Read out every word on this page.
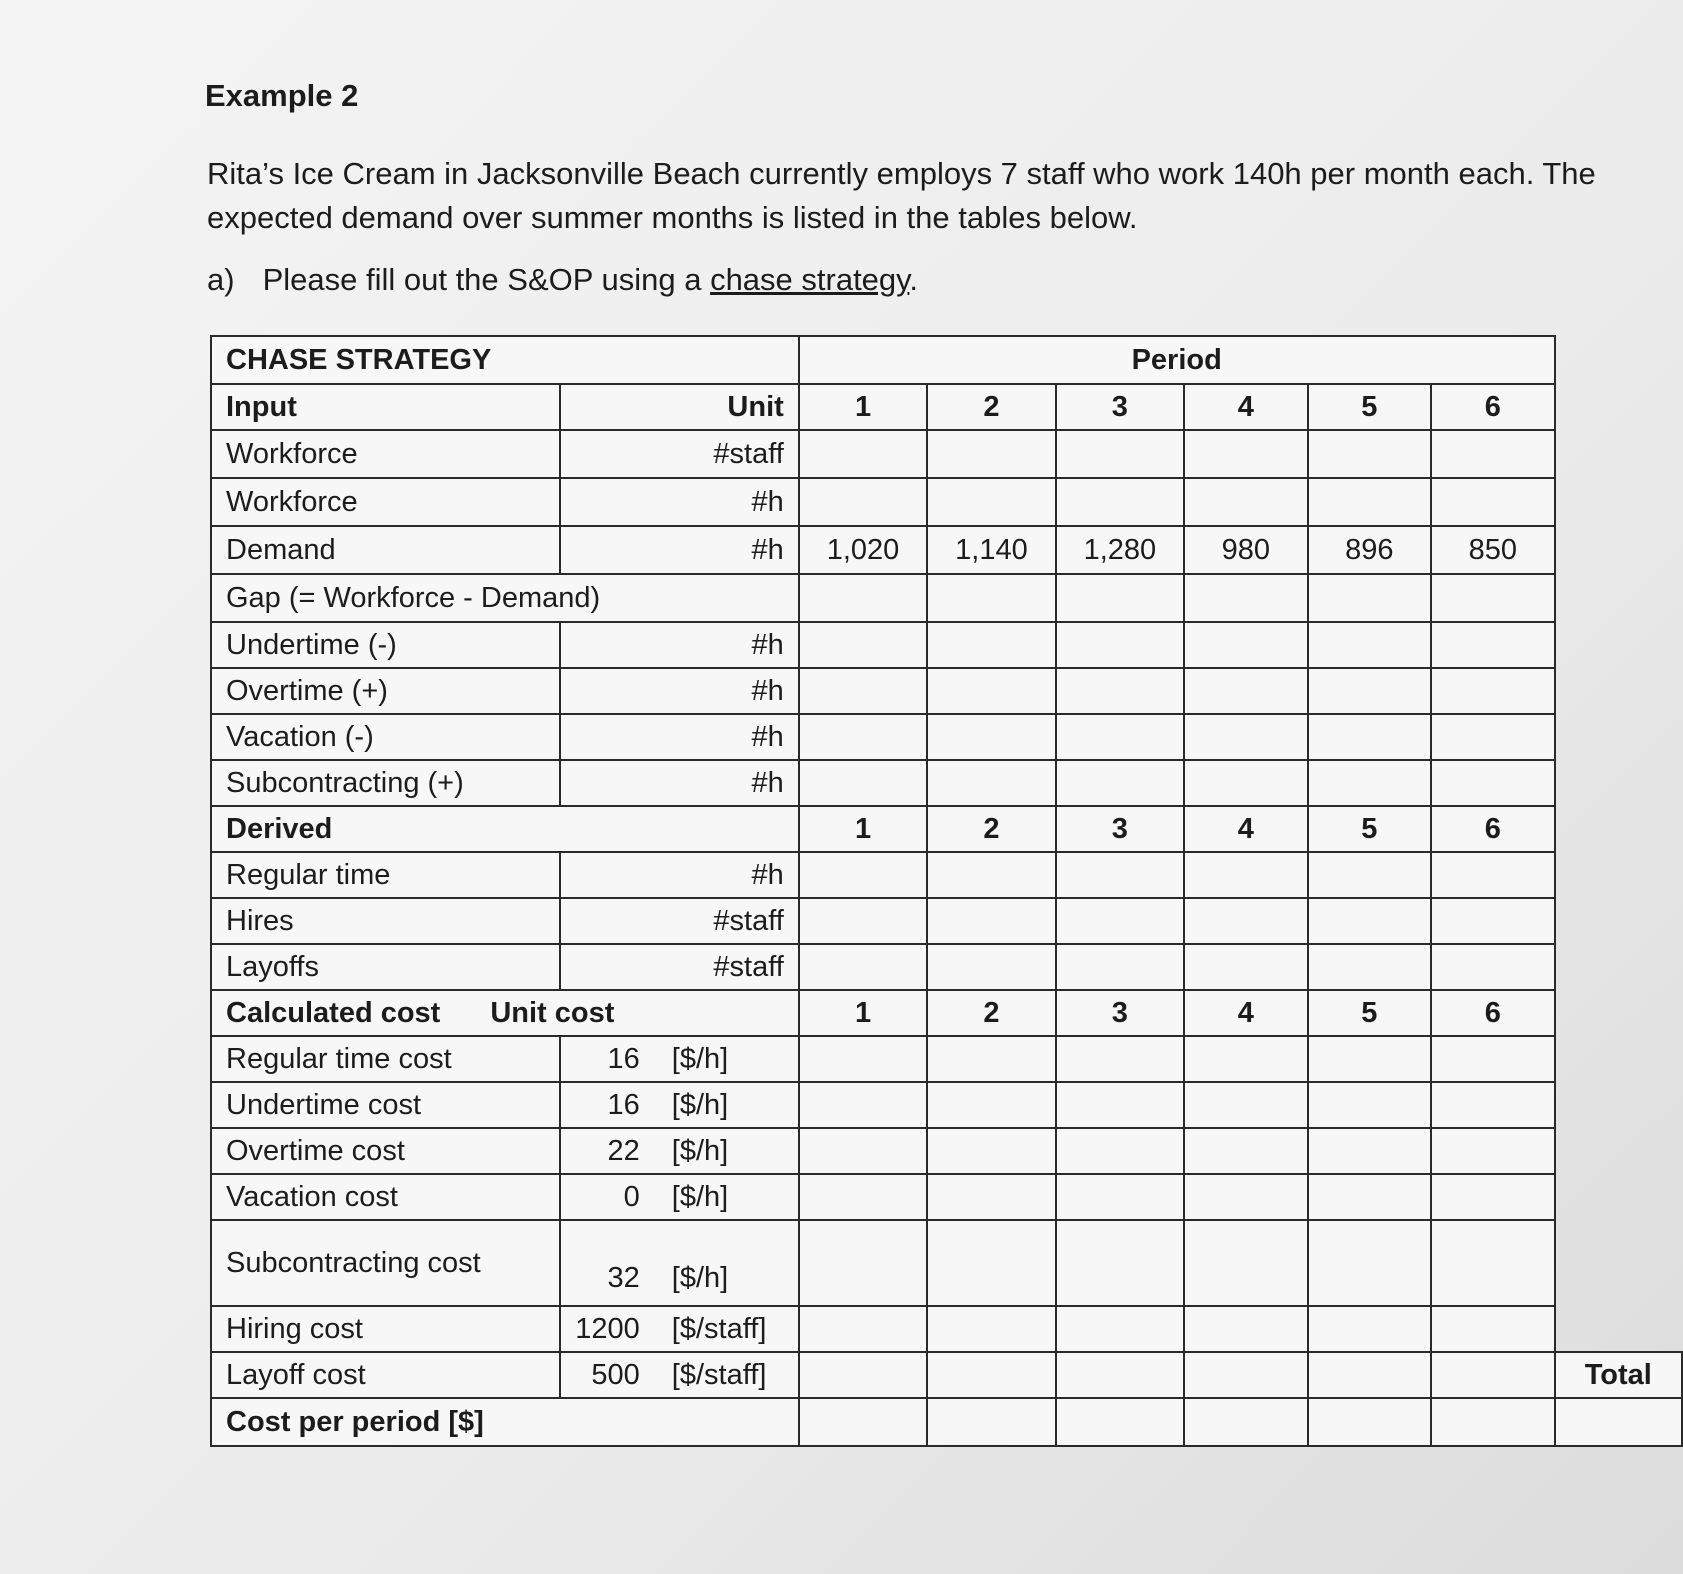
Example 2
Rita’s Ice Cream in Jacksonville Beach currently employs 7 staff who work 140h per month each. The expected demand over summer months is listed in the tables below.
a) Please fill out the S&OP using a chase strategy.
CHASE STRATEGY		Period						
Input	Unit	1	2	3	4	5	6	
Workforce	#staff							
Workforce	#h							
Demand	#h	1,020	1,140	1,280	980	896	850	
Gap (= Workforce - Demand)								
Undertime (-)	#h							
Overtime (+)	#h							
Vacation (-)	#h							
Subcontracting (+)	#h							
Derived		1	2	3	4	5	6	
Regular time	#h							
Hires	#staff							
Layoffs	#staff							
Calculated cost Unit cost		1	2	3	4	5	6	
Regular time cost	16 [$/h]							

Undertime cost	16 [$/h]							

Overtime cost	22 [$/h]							

Vacation cost	0 [$/h]							

Subcontracting cost	32 [$/h]							

Hiring cost	1200 [$/staff]							

Layoff cost	500 [$/staff]							Total
Cost per period [$]								
